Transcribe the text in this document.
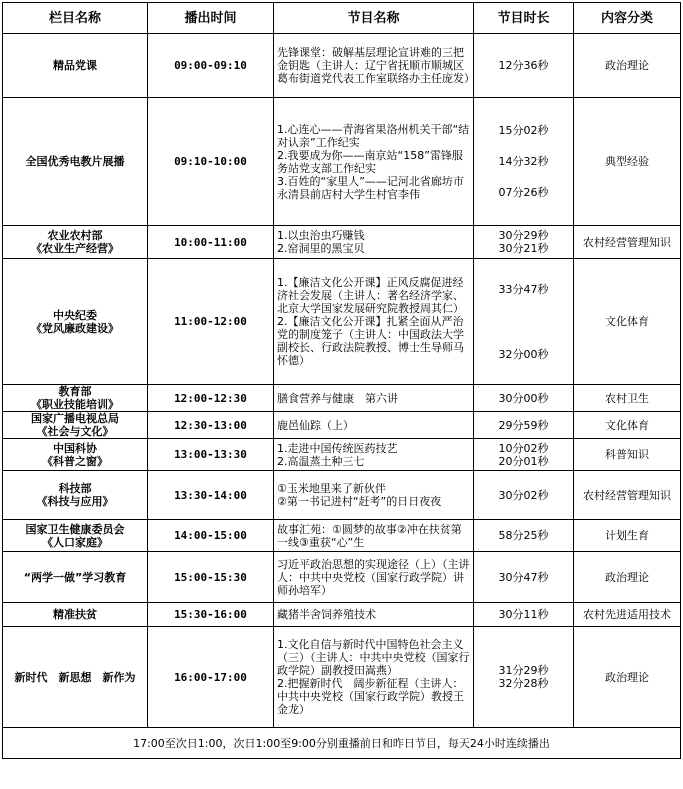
栏目名称	播出时间	节目名称	节目时长	内容分类

精品党课	09:00-09:10	先锋课堂：破解基层理论宣讲难的三把金钥匙（主讲人：辽宁省抚顺市顺城区葛布街道党代表工作室联络办主任庞发）	12分36秒	政治理论

全国优秀电教片展播	09:10-10:00	1.心连心——青海省果洛州机关干部“结对认亲”工作纪实
2.我要成为你——南京站“158”雷锋服务站党支部工作纪实
3.百姓的“家里人”——记河北省廊坊市永清县前店村大学生村官李伟	15分02秒
14分32秒
07分26秒	典型经验

农业农村部
《农业生产经营》	10:00-11:00	1.以虫治虫巧赚钱
2.窑洞里的黑宝贝	30分29秒
30分21秒	农村经营管理知识

中央纪委
《党风廉政建设》	11:00-12:00	1.【廉洁文化公开课】正风反腐促进经济社会发展（主讲人：著名经济学家、北京大学国家发展研究院教授周其仁）
2.【廉洁文化公开课】扎紧全面从严治党的制度笼子（主讲人：中国政法大学副校长、行政法院教授、博士生导师马怀德）	33分47秒
32分00秒	文化体育

教育部
《职业技能培训》	12:00-12:30	膳食营养与健康　第六讲	30分00秒	农村卫生

国家广播电视总局
《社会与文化》	12:30-13:00	鹿邑仙踪（上）	29分59秒	文化体育

中国科协
《科普之窗》	13:00-13:30	1.走进中国传统医药技艺
2.高温蒸土种三七	10分02秒
20分01秒	科普知识

科技部
《科技与应用》	13:30-14:00	①玉米地里来了新伙伴
②第一书记进村“赶考”的日日夜夜	30分02秒	农村经营管理知识

国家卫生健康委员会
《人口家庭》	14:00-15:00	故事汇苑：①圆梦的故事②冲在扶贫第一线③重获“心”生	58分25秒	计划生育

“两学一做”学习教育	15:00-15:30	习近平政治思想的实现途径（上）（主讲人：中共中央党校（国家行政学院）讲师孙培军）	30分47秒	政治理论

精准扶贫	15:30-16:00	藏猪半舍饲养殖技术	30分11秒	农村先进适用技术

新时代　新思想　新作为	16:00-17:00	1.文化自信与新时代中国特色社会主义（三）（主讲人：中共中央党校（国家行政学院）副教授田嵩燕）
2.把握新时代　阔步新征程（主讲人：中共中央党校（国家行政学院）教授王金龙）	31分29秒
32分28秒	政治理论
17:00至次日1:00，次日1:00至9:00分别重播前日和昨日节目，每天24小时连续播出				
